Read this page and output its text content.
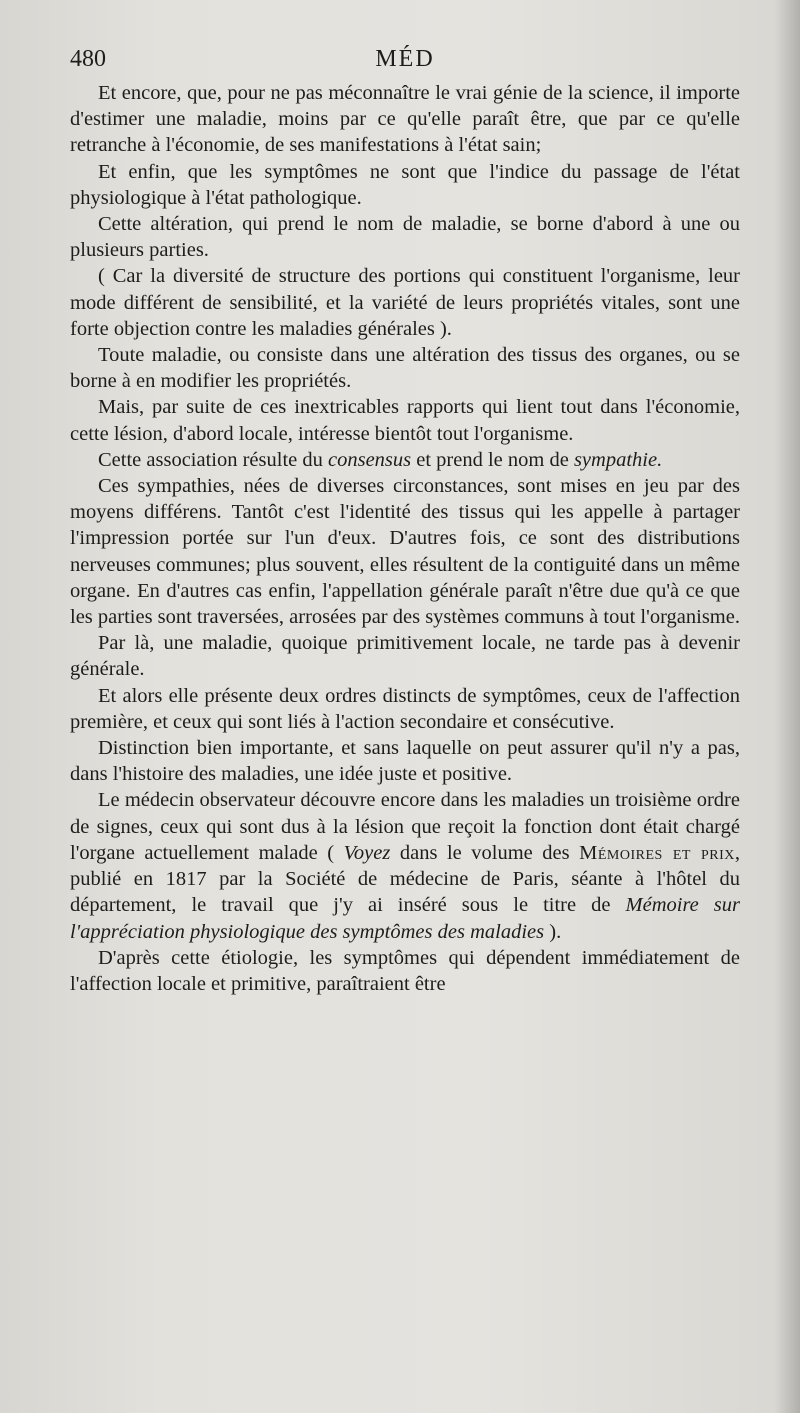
480	MÉD

Et encore, que, pour ne pas méconnaître le vrai génie de la science, il importe d'estimer une maladie, moins par ce qu'elle paraît être, que par ce qu'elle retranche à l'économie, de ses manifestations à l'état sain;

Et enfin, que les symptômes ne sont que l'indice du passage de l'état physiologique à l'état pathologique.

Cette altération, qui prend le nom de maladie, se borne d'abord à une ou plusieurs parties.

( Car la diversité de structure des portions qui constituent l'organisme, leur mode différent de sensibilité, et la variété de leurs propriétés vitales, sont une forte objection contre les maladies générales ).

Toute maladie, ou consiste dans une altération des tissus des organes, ou se borne à en modifier les propriétés.

Mais, par suite de ces inextricables rapports qui lient tout dans l'économie, cette lésion, d'abord locale, intéresse bientôt tout l'organisme.

Cette association résulte du consensus et prend le nom de sympathie.

Ces sympathies, nées de diverses circonstances, sont mises en jeu par des moyens différens. Tantôt c'est l'identité des tissus qui les appelle à partager l'impression portée sur l'un d'eux. D'autres fois, ce sont des distributions nerveuses communes; plus souvent, elles résultent de la contiguité dans un même organe. En d'autres cas enfin, l'appellation générale paraît n'être due qu'à ce que les parties sont traversées, arrosées par des systèmes communs à tout l'organisme.

Par là, une maladie, quoique primitivement locale, ne tarde pas à devenir générale.

Et alors elle présente deux ordres distincts de symptômes, ceux de l'affection première, et ceux qui sont liés à l'action secondaire et consécutive.

Distinction bien importante, et sans laquelle on peut assurer qu'il n'y a pas, dans l'histoire des maladies, une idée juste et positive.

Le médecin observateur découvre encore dans les maladies un troisième ordre de signes, ceux qui sont dus à la lésion que reçoit la fonction dont était chargé l'organe actuellement malade ( Voyez dans le volume des Mémoires et prix, publié en 1817 par la Société de médecine de Paris, séante à l'hôtel du département, le travail que j'y ai inséré sous le titre de Mémoire sur l'appréciation physiologique des symptômes des maladies ).

D'après cette étiologie, les symptômes qui dépendent immédiatement de l'affection locale et primitive, paraîtraient être
